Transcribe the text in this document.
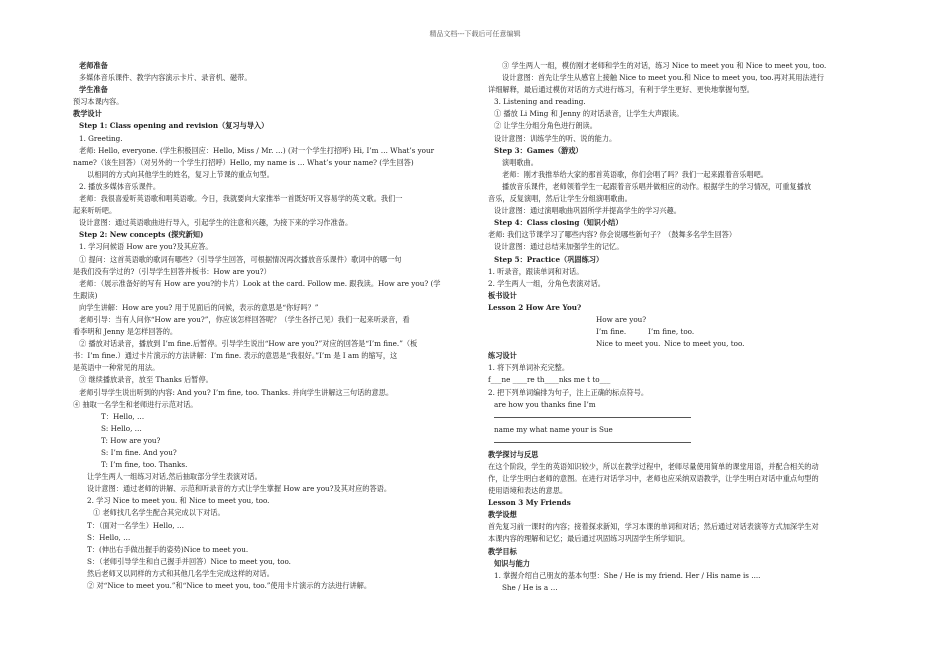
精品文档---下载后可任意编辑

老师准备

多媒体音乐课件、教学内容演示卡片、录音机、磁带。

学生准备

预习本课内容。

教学设计

Step 1: Class opening and revision（复习与导入）

1. Greeting.

老师: Hello, everyone. (学生积极回应：Hello, Miss / Mr. …) (对一个学生打招呼) Hi, I’m … What’s your

name?（该生回答）（对另外的一个学生打招呼）Hello, my name is … What’s your name? (学生回答)

以相同的方式向其他学生的姓名，复习上节课的重点句型。

2. 播放多媒体音乐课件。

老师：我很喜爱听英语歌和唱英语歌。今日，我就要向大家推举一首既好听又容易学的英文歌。我们一

起来听听吧。

设计意图：通过英语歌曲进行导入，引起学生的注意和兴趣，为接下来的学习作准备。

Step 2: New concepts (探究新知)

1. 学习问候语 How are you?及其应答。

① 提问：这首英语歌的歌词有哪些?（引导学生回答，可根据情况再次播放音乐课件）歌词中的哪一句

是我们没有学过的?（引导学生回答并板书：How are you?）

老师：（展示准备好的写有 How are you?的卡片）Look at the card. Follow me. 跟我读。How are you? (学

生跟读)

向学生讲解：How are you? 用于见面后的问候，表示的意思是“你好吗？”

老师引导：当有人问你“How are you?”，你应该怎样回答呢？（学生各抒己见）我们一起来听录音，看

看李明和 Jenny 是怎样回答的。

② 播放对话录音，播放到 I’m fine.后暂停。引导学生说出“How are you?”对应的回答是“I’m fine.”（板

书：I’m fine.）通过卡片演示的方法讲解：I’m fine. 表示的意思是“我很好。”I’m 是 I am 的缩写，这

是英语中一种常见的用法。

③ 继续播放录音，放至 Thanks 后暂停。

老师引导学生说出听到的内容: And you? I’m fine, too. Thanks. 并向学生讲解这三句话的意思。

④ 抽取一名学生和老师进行示范对话。

T：Hello, …

S: Hello, …

T: How are you?

S: I’m fine. And you?

T: I’m fine, too. Thanks.

让学生两人一组练习对话,然后抽取部分学生表演对话。

设计意图：通过老师的讲解、示范和听录音的方式让学生掌握 How are you?及其对应的答语。

2. 学习 Nice to meet you. 和 Nice to meet you, too.

① 老师找几名学生配合其完成以下对话。

T：（面对一名学生）Hello, …

S：Hello, …

T：(伸出右手做出握手的姿势)Nice to meet you.

S：（老师引导学生和自己握手并回答）Nice to meet you, too.

然后老师又以同样的方式和其他几名学生完成这样的对话。

② 对“Nice to meet you.”和“Nice to meet you, too.”使用卡片演示的方法进行讲解。

③ 学生两人一组，模仿刚才老师和学生的对话，练习 Nice to meet you 和 Nice to meet you, too.

设计意图：首先让学生从感官上接触 Nice to meet you.和 Nice to meet you, too.再对其用法进行

详细解释，最后通过模仿对话的方式进行练习，有利于学生更好、更快地掌握句型。

3. Listening and reading.

① 播放 Li Ming 和 Jenny 的对话录音，让学生大声跟读。

② 让学生分组分角色进行朗读。

设计意图：训练学生的听、说的能力。

Step 3：Games（游戏）

演唱歌曲。

老师：刚才我推举给大家的那首英语歌，你们会唱了吗？我们一起来跟着音乐唱吧。

播放音乐课件，老师领着学生一起跟着音乐唱并做相应的动作。根据学生的学习情况，可重复播放

音乐，反复演唱，然后让学生分组演唱歌曲。

设计意图：通过演唱歌曲巩固所学并提高学生的学习兴趣。

Step 4：Class closing（知识小结）

老师: 我们这节课学习了哪些内容? 你会说哪些新句子？（鼓舞多名学生回答）

设计意图：通过总结来加强学生的记忆。

Step 5：Practice（巩固练习）

1. 听录音，跟读单词和对话。

2. 学生两人一组，分角色表演对话。

板书设计

Lesson 2 How Are You?

How are you?

I’m fine.	I’m fine, too.

Nice to meet you. Nice to meet you, too.

练习设计

1. 将下列单词补充完整。

f___ne ____re th____nks me t to___

2. 把下列单词编排为句子，注上正确的标点符号。

are how you thanks fine I’m

name my what name your is Sue

教学探讨与反思

在这个阶段，学生的英语知识较少，所以在教学过程中，老师尽量使用简单的课堂用语，并配合相关的动

作，让学生明白老师的意图。在进行对话学习中，老师也应采纳双语教学，让学生明白对话中重点句型的

使用语境和表达的意思。

Lesson 3 My Friends

教学设想

首先复习前一课时的内容；接着探求新知，学习本课的单词和对话；然后通过对话表演等方式加深学生对

本课内容的理解和记忆；最后通过巩固练习巩固学生所学知识。

教学目标

知识与能力

1. 掌握介绍自己朋友的基本句型：She / He is my friend. Her / His name is ....

She / He is a …
